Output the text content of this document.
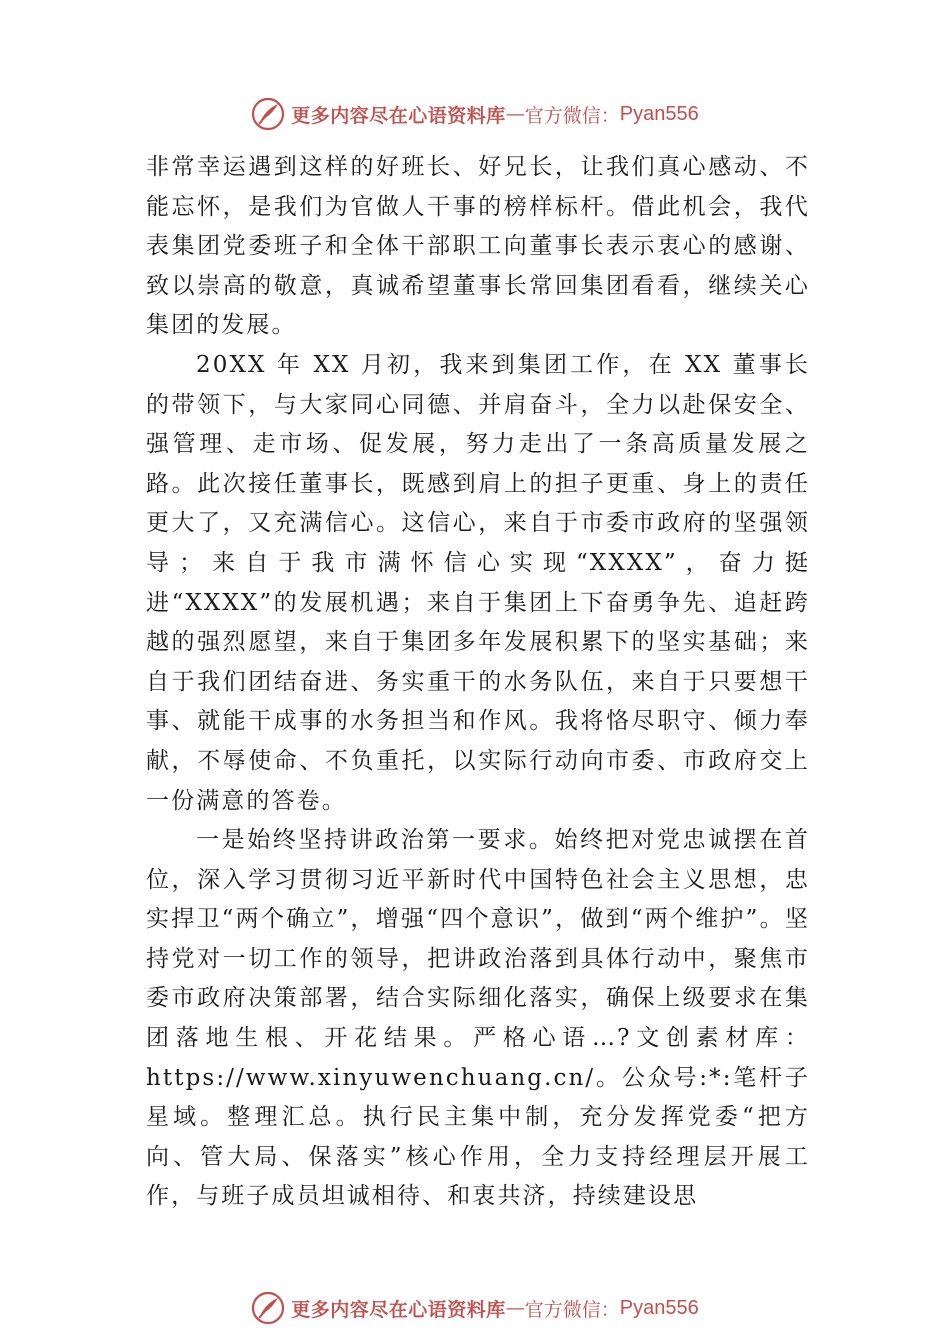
更多内容尽在心语资料库 — 官方微信： Pyan556

非常幸运遇到这样的好班长、好兄长，让我们真心感动、不能忘怀，是我们为官做人干事的榜样标杆。借此机会，我代表集团党委班子和全体干部职工向董事长表示衷心的感谢、 致以崇高的敬意，真诚希望董事长常回集团看看，继续关心集团的发展。

20XX 年 XX 月初，我来到集团工作，在 XX 董事长的带领下，与大家同心同德、并肩奋斗，全力以赴保安全、强管理、走市场、促发展，努力走出了一条高质量发展之路。此次接任董事长，既感到肩上的担子更重、身上的责任更大了，又充满信心。这信心，来自于市委市政府的坚强领导；来自于我市满怀信心实现“XXXX”，奋力挺进“XXXX”的发展机遇；来自于集团上下奋勇争先、追赶跨越的强烈愿望，来自于集团多年发展积累下的坚实基础；来自于我们团结奋进、务实重干的水务队伍，来自于只要想干事、就能干成事的水务担当和作风。我将恪尽职守、倾力奉献，不辱使命、不负重托，以实际行动向市委、市政府交上一份满意的答卷。

一是始终坚持讲政治第一要求。始终把对党忠诚摆在首位，深入学习贯彻习近平新时代中国特色社会主义思想，忠实捍卫“两个确立”，增强“四个意识”，做到“两个维护”。坚持党对一切工作的领导，把讲政治落到具体行动中，聚焦市委市政府决策部署，结合实际细化落实，确保上级要求在集团落地生根、开花结果。严格心语…?文创素材库：https://www.xinyuwenchuang.cn/。公众号:*:笔杆子星域。整理汇总。执行民主集中制，充分发挥党委“把方向、管大局、保落实”核心作用，全力支持经理层开展工作，与班子成员坦诚相待、和衷共济，持续建设思

更多内容尽在心语资料库 — 官方微信： Pyan556
